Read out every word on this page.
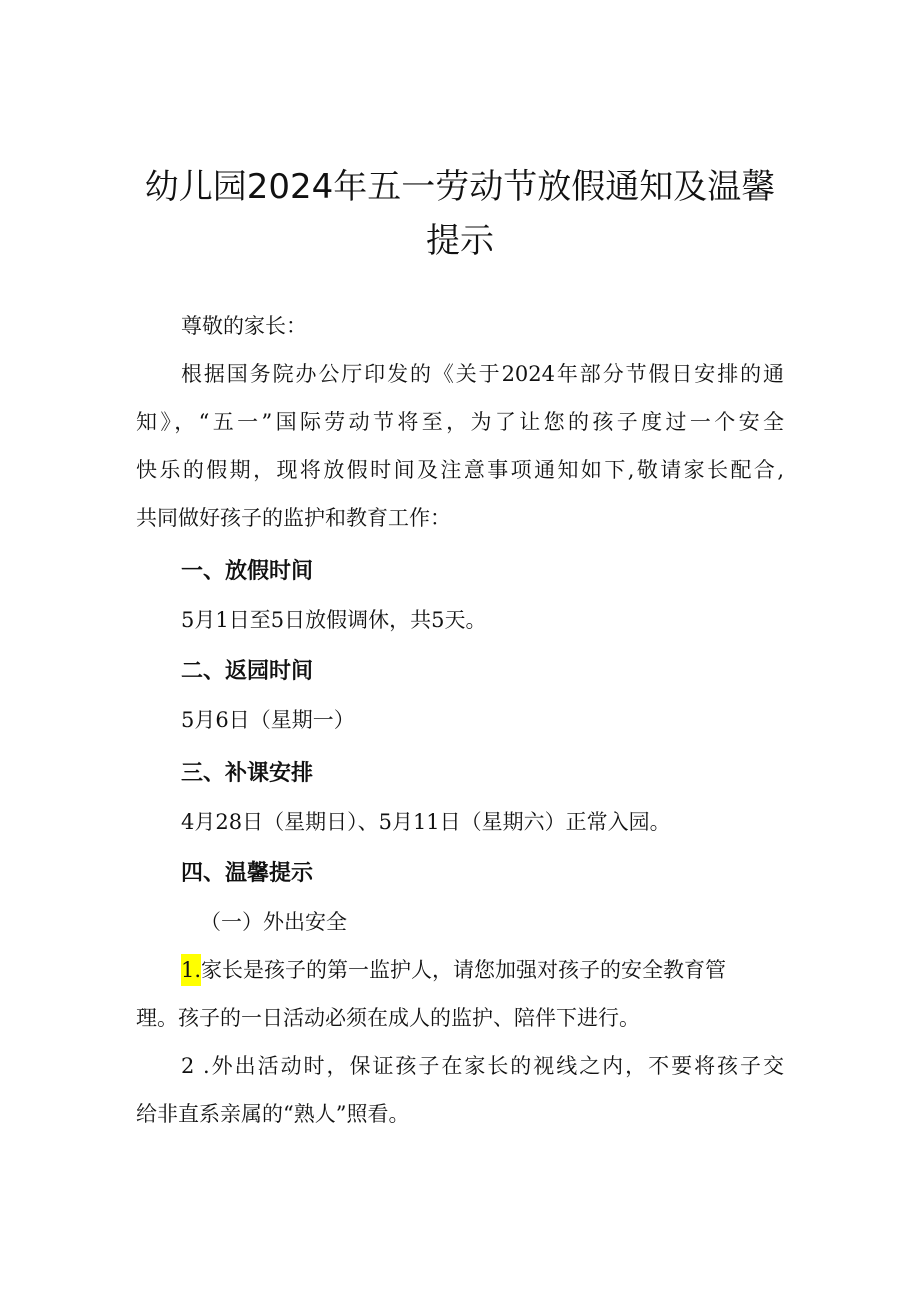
幼儿园2024年五一劳动节放假通知及温馨
提示

尊敬的家长：

根据国务院办公厅印发的《关于2024年部分节假日安排的通

知》，“五一”国际劳动节将至，为了让您的孩子度过一个安全

快乐的假期，现将放假时间及注意事项通知如下,敬请家长配合,

共同做好孩子的监护和教育工作：

一、放假时间

5月1日至5日放假调休，共5天。

二、返园时间

5月6日（星期一）

三、补课安排

4月28日（星期日）、5月11日（星期六）正常入园。

四、温馨提示

（一）外出安全

1.家长是孩子的第一监护人，请您加强对孩子的安全教育管

理。孩子的一日活动必须在成人的监护、陪伴下进行。

2 .外出活动时，保证孩子在家长的视线之内，不要将孩子交

给非直系亲属的“熟人”照看。
